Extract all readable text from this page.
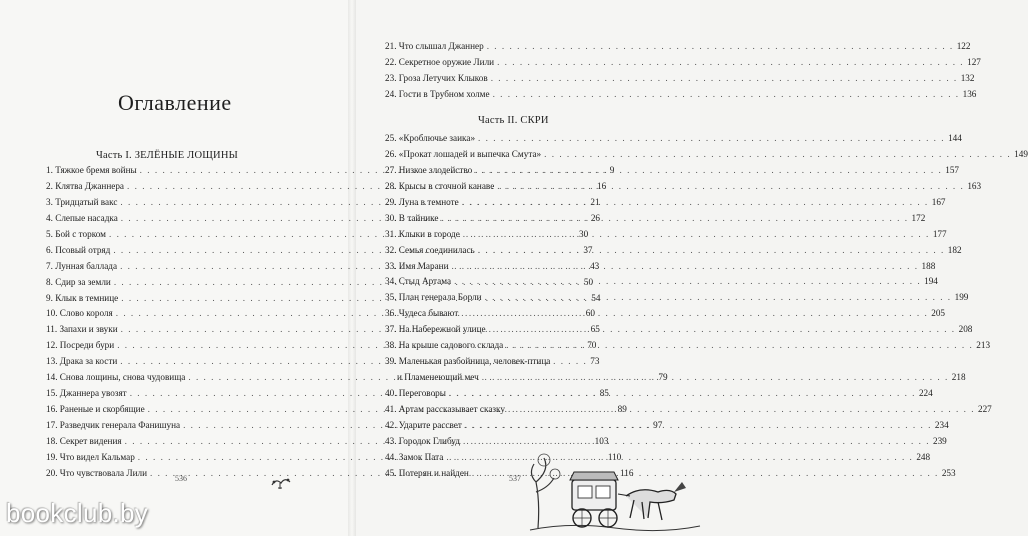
Оглавление
Часть I. ЗЕЛЁНЫЕ ЛОЩИНЫ
1. Тяжкое бремя войны . . .	9
2. Клятва Джаннера . . .	16
3. Тридцатый вакс . . .	21
4. Слепые насадка . . .	26
5. Бой с торком . . .	30
6. Псовый отряд . . .	37
7. Лунная баллада . . .	43
8. Сдир за земли . . .	50
9. Клык в темнице . . .	54
10. Слово короля . . .	60
11. Запахи и звуки . . .	65
12. Посреди бури . . .	70
13. Драка за кости . . .	73
14. Снова лощины, снова чудовища . . .	79
15. Джаннера увозят . . .	85
16. Раненые и скорбящие . . .	89
17. Разведчик генерала Фанишуна . . .	97
18. Секрет видения . . .	103
19. Что видел Кальмар . . .	110
20. Что чувствовала Лили . . .	116
536
21. Что слышал Джаннер . . .	122
22. Секретное оружие Лили . . .	127
23. Гроза Летучих Клыков . . .	132
24. Гости в Трубном холме . . .	136
Часть II. СКРИ
25. «Кроблючье заика» . . .	144
26. «Прокат лошадей и выпечка Смута» . . .	149
27. Низкое злодейство . . .	157
28. Крысы в сточной канаве . . .	163
29. Луна в темноте . . .	167
30. В тайнике . . .	172
31. Клыки в городе . . .	177
32. Семья соединилась . . .	182
33. Имя Марани . . .	188
34. Стыд Артама . . .	194
35. План генерала Борли . . .	199
36. Чудеса бывают . . .	205
37. На Набережной улице . . .	208
38. На крыше садового склада . . .	213
39. Маленькая разбойница, человек-птица
и Пламенеющий меч . . .	218
40. Переговоры . . .	224
41. Артам рассказывает сказку . . .	227
42. Ударите рассвет . . .	234
43. Городок Глибуд . . .	239
44. Замок Пата . . .	248
45. Потерян и найден . . .	253
537
bookclub.by
